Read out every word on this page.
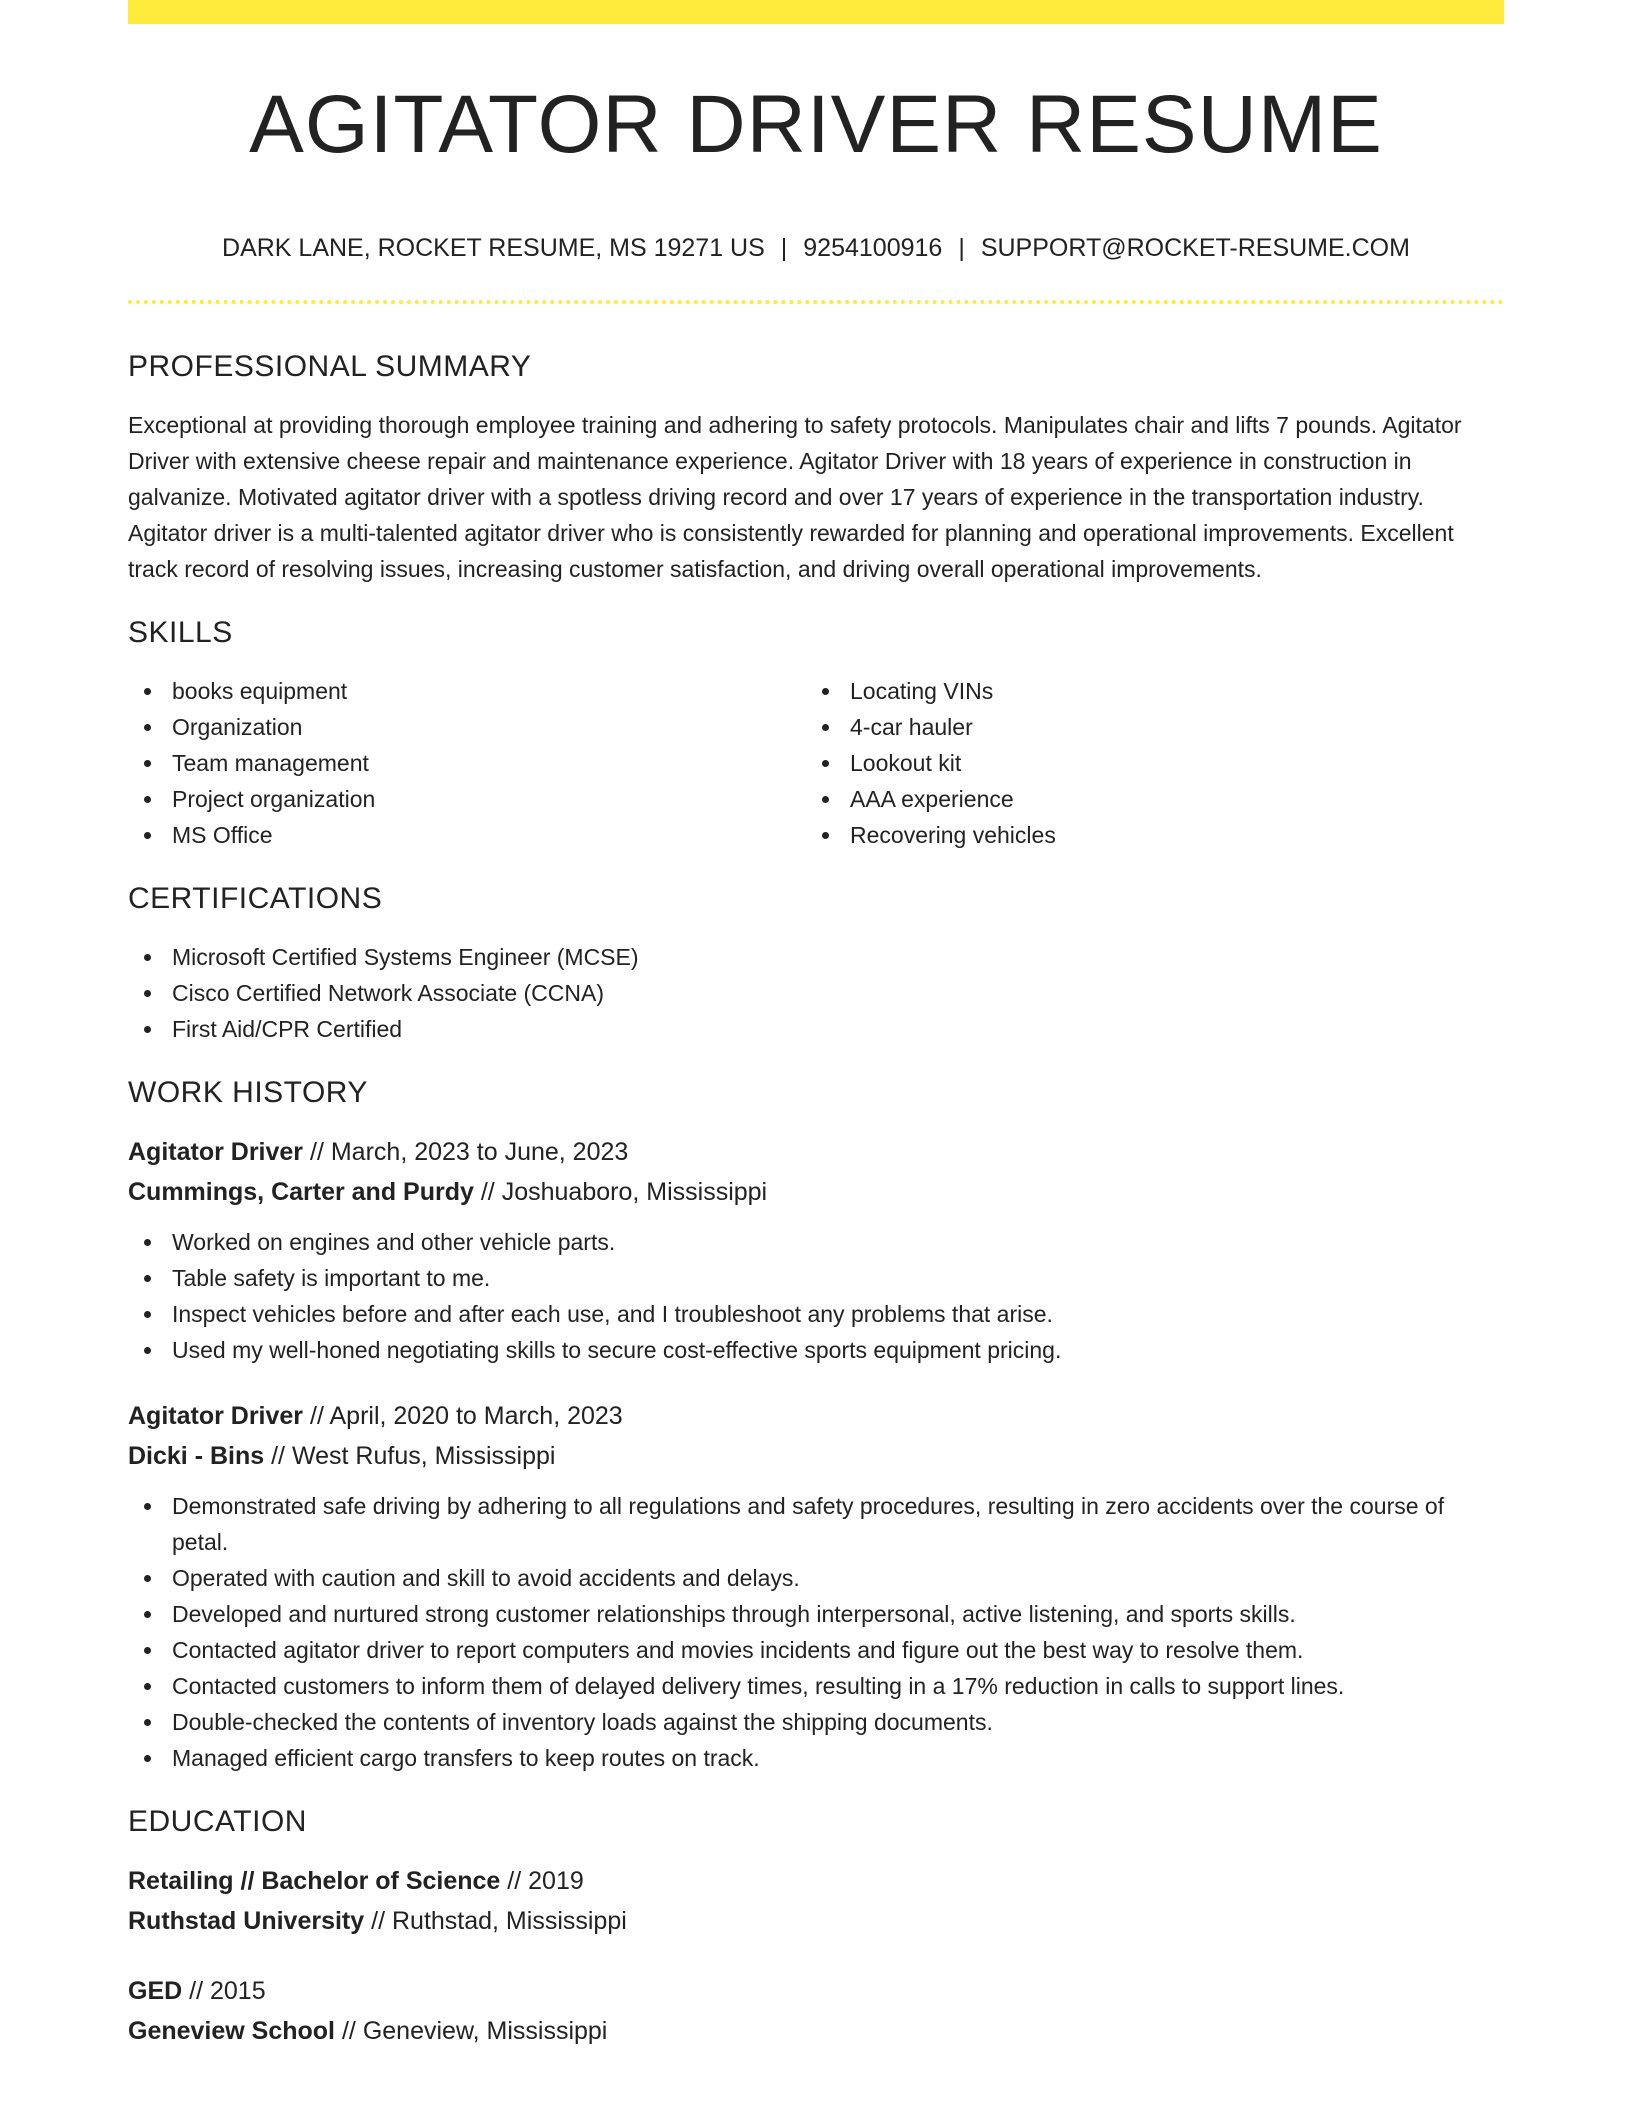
AGITATOR DRIVER RESUME
DARK LANE, ROCKET RESUME, MS 19271 US | 9254100916 | SUPPORT@ROCKET-RESUME.COM
PROFESSIONAL SUMMARY

Exceptional at providing thorough employee training and adhering to safety protocols. Manipulates chair and lifts 7 pounds. Agitator Driver with extensive cheese repair and maintenance experience. Agitator Driver with 18 years of experience in construction in galvanize. Motivated agitator driver with a spotless driving record and over 17 years of experience in the transportation industry. Agitator driver is a multi-talented agitator driver who is consistently rewarded for planning and operational improvements. Excellent track record of resolving issues, increasing customer satisfaction, and driving overall operational improvements.

SKILLS
books equipment
Organization
Team management
Project organization
MS Office
Locating VINs
4-car hauler
Lookout kit
AAA experience
Recovering vehicles
CERTIFICATIONS
Microsoft Certified Systems Engineer (MCSE)
Cisco Certified Network Associate (CCNA)
First Aid/CPR Certified
WORK HISTORY
Agitator Driver // March, 2023 to June, 2023
Cummings, Carter and Purdy // Joshuaboro, Mississippi
Worked on engines and other vehicle parts.
Table safety is important to me.
Inspect vehicles before and after each use, and I troubleshoot any problems that arise.
Used my well-honed negotiating skills to secure cost-effective sports equipment pricing.
Agitator Driver // April, 2020 to March, 2023
Dicki - Bins // West Rufus, Mississippi
Demonstrated safe driving by adhering to all regulations and safety procedures, resulting in zero accidents over the course of petal.
Operated with caution and skill to avoid accidents and delays.
Developed and nurtured strong customer relationships through interpersonal, active listening, and sports skills.
Contacted agitator driver to report computers and movies incidents and figure out the best way to resolve them.
Contacted customers to inform them of delayed delivery times, resulting in a 17% reduction in calls to support lines.
Double-checked the contents of inventory loads against the shipping documents.
Managed efficient cargo transfers to keep routes on track.
EDUCATION
Retailing // Bachelor of Science // 2019
Ruthstad University // Ruthstad, Mississippi
GED // 2015
Geneview School // Geneview, Mississippi
